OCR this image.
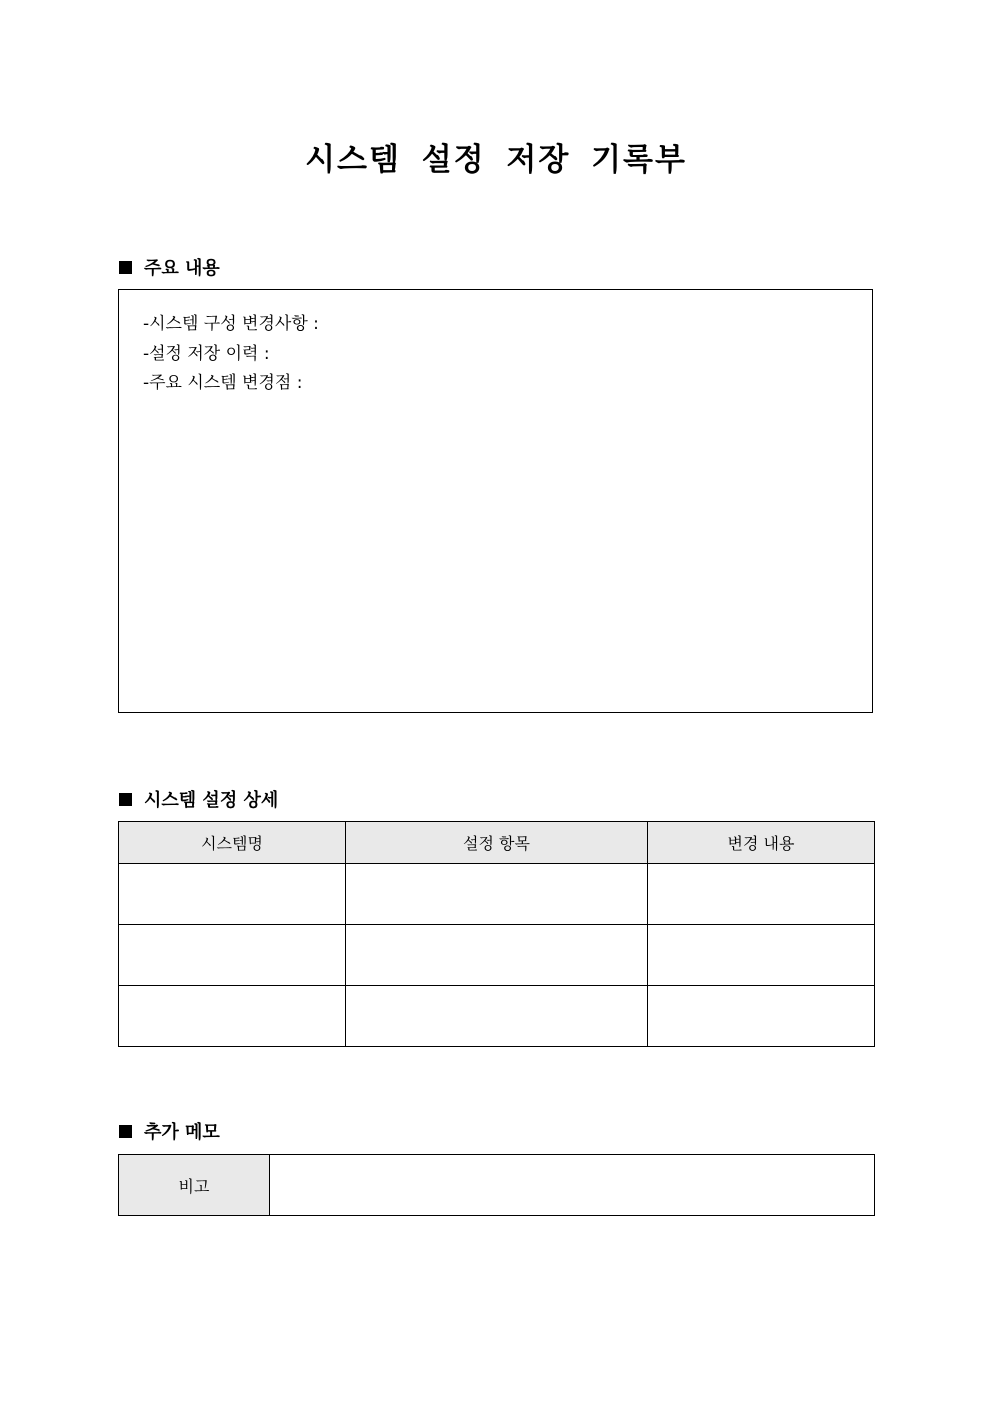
시스템 설정 저장 기록부
주요 내용
-시스템 구성 변경사항 :
-설정 저장 이력 :
-주요 시스템 변경점 :
시스템 설정 상세
시스템명	설정 항목	변경 내용

추가 메모
비고	
